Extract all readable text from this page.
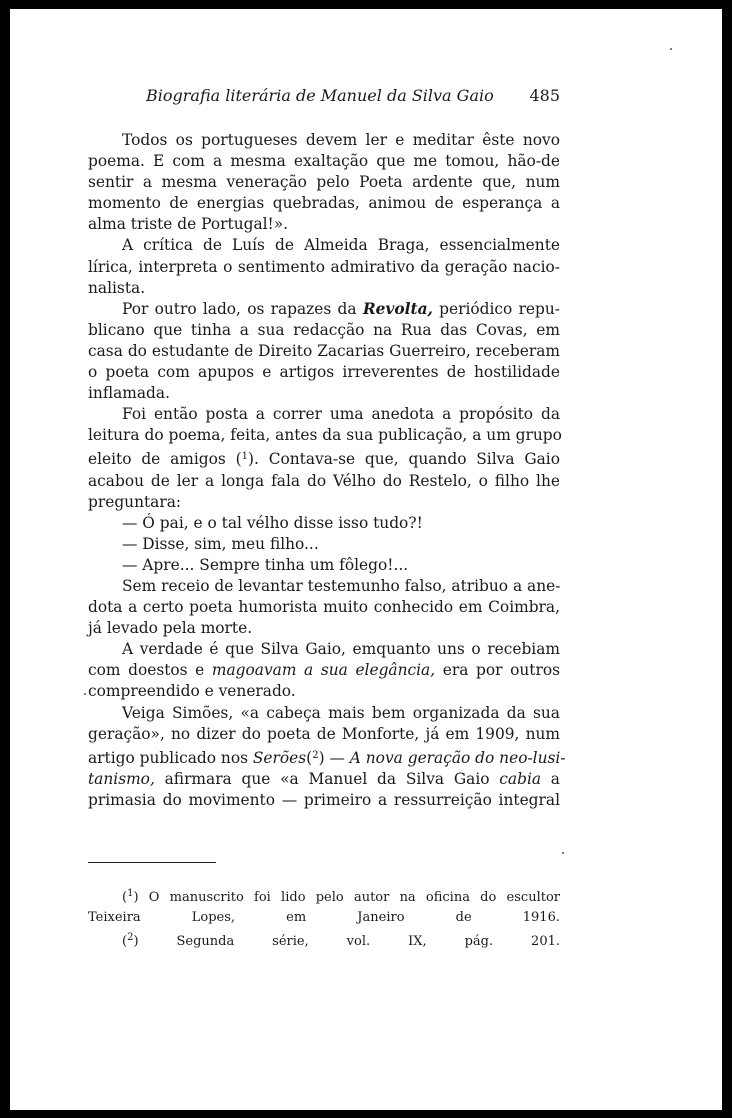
Biografia literária de Manuel da Silva Gaio 485

Todos os portugueses devem ler e meditar êste novo
poema. E com a mesma exaltação que me tomou, hão-de
sentir a mesma veneração pelo Poeta ardente que, num
momento de energias quebradas, animou de esperança a
alma triste de Portugal!».

A crítica de Luís de Almeida Braga, essencialmente
lírica, interpreta o sentimento admirativo da geração nacio-
nalista.

Por outro lado, os rapazes da Revolta, periódico repu-
blicano que tinha a sua redacção na Rua das Covas, em
casa do estudante de Direito Zacarias Guerreiro, receberam
o poeta com apupos e artigos irreverentes de hostilidade
inflamada.

Foi então posta a correr uma anedota a propósito da
leitura do poema, feita, antes da sua publicação, a um grupo
eleito de amigos ($^1$). Contava-se que, quando Silva Gaio
acabou de ler a longa fala do Vélho do Restelo, o filho lhe
preguntara:

— Ó pai, e o tal vélho disse isso tudo?!
— Disse, sim, meu filho...
— Apre... Sempre tinha um fôlego!...

Sem receio de levantar testemunho falso, atribuo a ane-
dota a certo poeta humorista muito conhecido em Coimbra,
já levado pela morte.

A verdade é que Silva Gaio, emquanto uns o recebiam
com doestos e magoavam a sua elegância, era por outros
compreendido e venerado.

Veiga Simões, «a cabeça mais bem organizada da sua
geração», no dizer do poeta de Monforte, já em 1909, num
artigo publicado nos Serões($^2$) — A nova geração do neo-lusi-
tanismo, afirmara que «a Manuel da Silva Gaio cabia a
primasia do movimento — primeiro a ressurreição integral

($^1$) O manuscrito foi lido pelo autor na oficina do escultor
Teixeira Lopes, em Janeiro de 1916.
($^2$) Segunda série, vol. IX, pág. 201.
